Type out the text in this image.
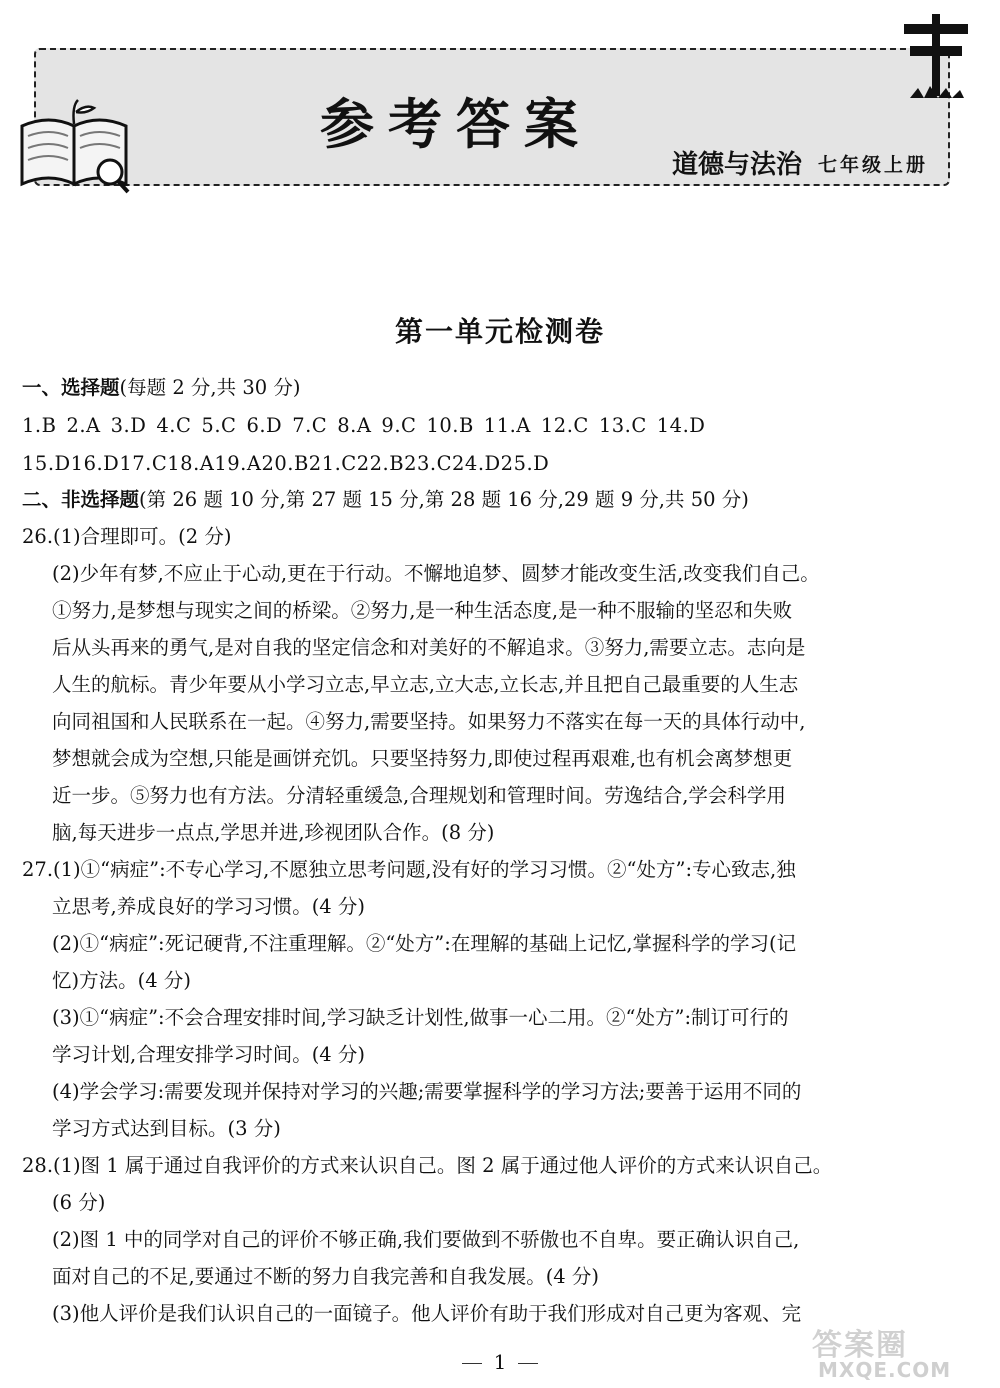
参考答案
道德与法治 七年级上册
第一单元检测卷
一、选择题(每题 2 分,共 30 分)
1.B 2.A 3.D 4.C 5.C 6.D 7.C 8.A 9.C 10.B 11.A 12.C 13.C 14.D
15.D16.D17.C18.A19.A20.B21.C22.B23.C24.D25.D
二、非选择题(第 26 题 10 分,第 27 题 15 分,第 28 题 16 分,29 题 9 分,共 50 分)
26.(1)合理即可。(2 分)
(2)少年有梦,不应止于心动,更在于行动。不懈地追梦、圆梦才能改变生活,改变我们自己。
①努力,是梦想与现实之间的桥梁。②努力,是一种生活态度,是一种不服输的坚忍和失败
后从头再来的勇气,是对自我的坚定信念和对美好的不解追求。③努力,需要立志。志向是
人生的航标。青少年要从小学习立志,早立志,立大志,立长志,并且把自己最重要的人生志
向同祖国和人民联系在一起。④努力,需要坚持。如果努力不落实在每一天的具体行动中,
梦想就会成为空想,只能是画饼充饥。只要坚持努力,即使过程再艰难,也有机会离梦想更
近一步。⑤努力也有方法。分清轻重缓急,合理规划和管理时间。劳逸结合,学会科学用
脑,每天进步一点点,学思并进,珍视团队合作。(8 分)
27.(1)①“病症”:不专心学习,不愿独立思考问题,没有好的学习习惯。②“处方”:专心致志,独
立思考,养成良好的学习习惯。(4 分)
(2)①“病症”:死记硬背,不注重理解。②“处方”:在理解的基础上记忆,掌握科学的学习(记
忆)方法。(4 分)
(3)①“病症”:不会合理安排时间,学习缺乏计划性,做事一心二用。②“处方”:制订可行的
学习计划,合理安排学习时间。(4 分)
(4)学会学习:需要发现并保持对学习的兴趣;需要掌握科学的学习方法;要善于运用不同的
学习方式达到目标。(3 分)
28.(1)图 1 属于通过自我评价的方式来认识自己。图 2 属于通过他人评价的方式来认识自己。
(6 分)
(2)图 1 中的同学对自己的评价不够正确,我们要做到不骄傲也不自卑。要正确认识自己,
面对自己的不足,要通过不断的努力自我完善和自我发展。(4 分)
(3)他人评价是我们认识自己的一面镜子。他人评价有助于我们形成对自己更为客观、完
1	答案圈
MXQE.COM
